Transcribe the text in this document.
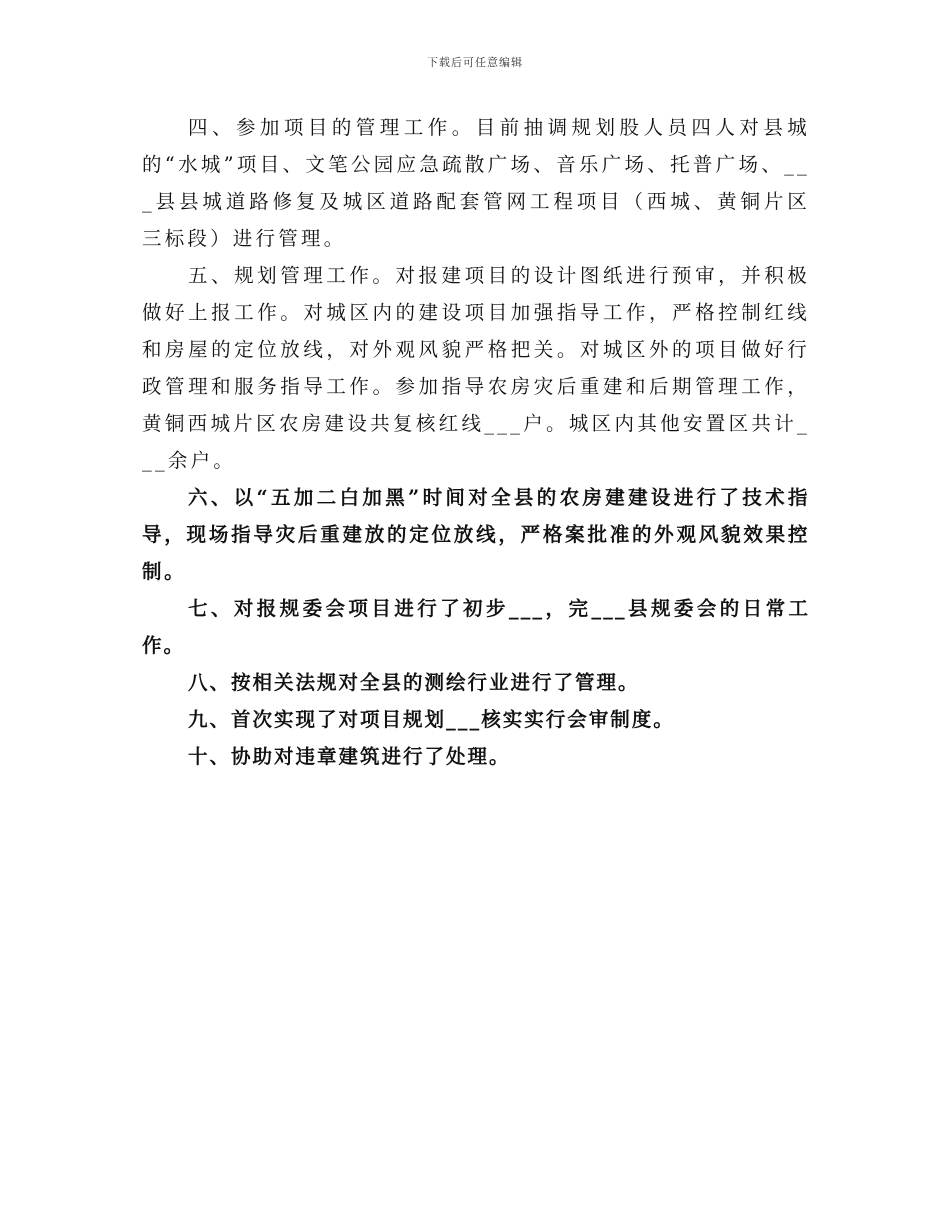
下载后可任意编辑

四、参加项目的管理工作。目前抽调规划股人员四人对县城的“水城”项目、文笔公园应急疏散广场、音乐广场、托普广场、___县县城道路修复及城区道路配套管网工程项目（西城、黄铜片区三标段）进行管理。

五、规划管理工作。对报建项目的设计图纸进行预审，并积极做好上报工作。对城区内的建设项目加强指导工作，严格控制红线和房屋的定位放线，对外观风貌严格把关。对城区外的项目做好行政管理和服务指导工作。参加指导农房灾后重建和后期管理工作，黄铜西城片区农房建设共复核红线___户。城区内其他安置区共计___余户。

六、以“五加二白加黑”时间对全县的农房建建设进行了技术指导，现场指导灾后重建放的定位放线，严格案批准的外观风貌效果控制。

七、对报规委会项目进行了初步___，完___县规委会的日常工作。

八、按相关法规对全县的测绘行业进行了管理。

九、首次实现了对项目规划___核实实行会审制度。

十、协助对违章建筑进行了处理。
